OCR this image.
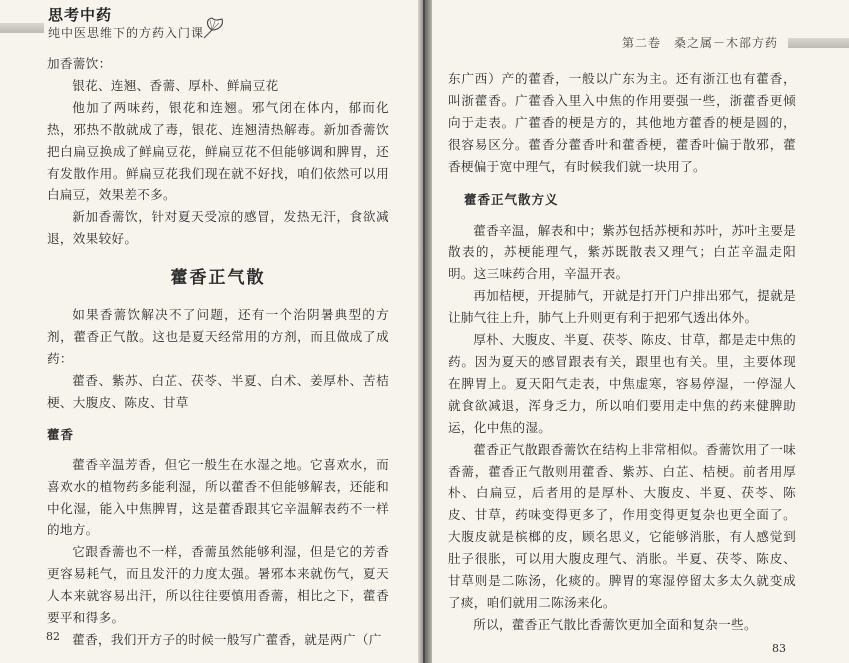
思考中药
纯中医思维下的方药入门课

加香薷饮：

银花、连翘、香薷、厚朴、鲜扁豆花

他加了两味药，银花和连翘。邪气闭在体内，郁而化热，邪热不散就成了毒，银花、连翘清热解毒。新加香薷饮把白扁豆换成了鲜扁豆花，鲜扁豆花不但能够调和脾胃，还有发散作用。鲜扁豆花我们现在就不好找，咱们依然可以用白扁豆，效果差不多。

新加香薷饮，针对夏天受凉的感冒，发热无汗，食欲减退，效果较好。

藿香正气散

如果香薷饮解决不了问题，还有一个治阴暑典型的方剂，藿香正气散。这也是夏天经常用的方剂，而且做成了成药：

藿香、紫苏、白芷、茯苓、半夏、白术、姜厚朴、苦桔梗、大腹皮、陈皮、甘草

藿香

藿香辛温芳香，但它一般生在水湿之地。它喜欢水，而喜欢水的植物药多能利湿，所以藿香不但能够解表，还能和中化湿，能入中焦脾胃，这是藿香跟其它辛温解表药不一样的地方。

它跟香薷也不一样，香薷虽然能够利湿，但是它的芳香更容易耗气，而且发汗的力度太强。暑邪本来就伤气，夏天人本来就容易出汗，所以往往要慎用香薷，相比之下，藿香要平和得多。

藿香，我们开方子的时候一般写广藿香，就是两广（广

82
第二卷　桑之属－木部方药

东广西）产的藿香，一般以广东为主。还有浙江也有藿香，叫浙藿香。广藿香入里入中焦的作用要强一些，浙藿香更倾向于走表。广藿香的梗是方的，其他地方藿香的梗是圆的，很容易区分。藿香分藿香叶和藿香梗，藿香叶偏于散邪，藿香梗偏于宽中理气，有时候我们就一块用了。

藿香正气散方义

藿香辛温，解表和中；紫苏包括苏梗和苏叶，苏叶主要是散表的，苏梗能理气，紫苏既散表又理气；白芷辛温走阳明。这三味药合用，辛温开表。

再加桔梗，开提肺气，开就是打开门户排出邪气，提就是让肺气往上升，肺气上升则更有利于把邪气透出体外。

厚朴、大腹皮、半夏、茯苓、陈皮、甘草，都是走中焦的药。因为夏天的感冒跟表有关，跟里也有关。里，主要体现在脾胃上。夏天阳气走表，中焦虚寒，容易停湿，一停湿人就食欲减退，浑身乏力，所以咱们要用走中焦的药来健脾助运，化中焦的湿。

藿香正气散跟香薷饮在结构上非常相似。香薷饮用了一味香薷，藿香正气散则用藿香、紫苏、白芷、桔梗。前者用厚朴、白扁豆，后者用的是厚朴、大腹皮、半夏、茯苓、陈皮、甘草，药味变得更多了，作用变得更复杂也更全面了。大腹皮就是槟榔的皮，顾名思义，它能够消胀，有人感觉到肚子很胀，可以用大腹皮理气、消胀。半夏、茯苓、陈皮、甘草则是二陈汤，化痰的。脾胃的寒湿停留太多太久就变成了痰，咱们就用二陈汤来化。

所以，藿香正气散比香薷饮更加全面和复杂一些。

83
